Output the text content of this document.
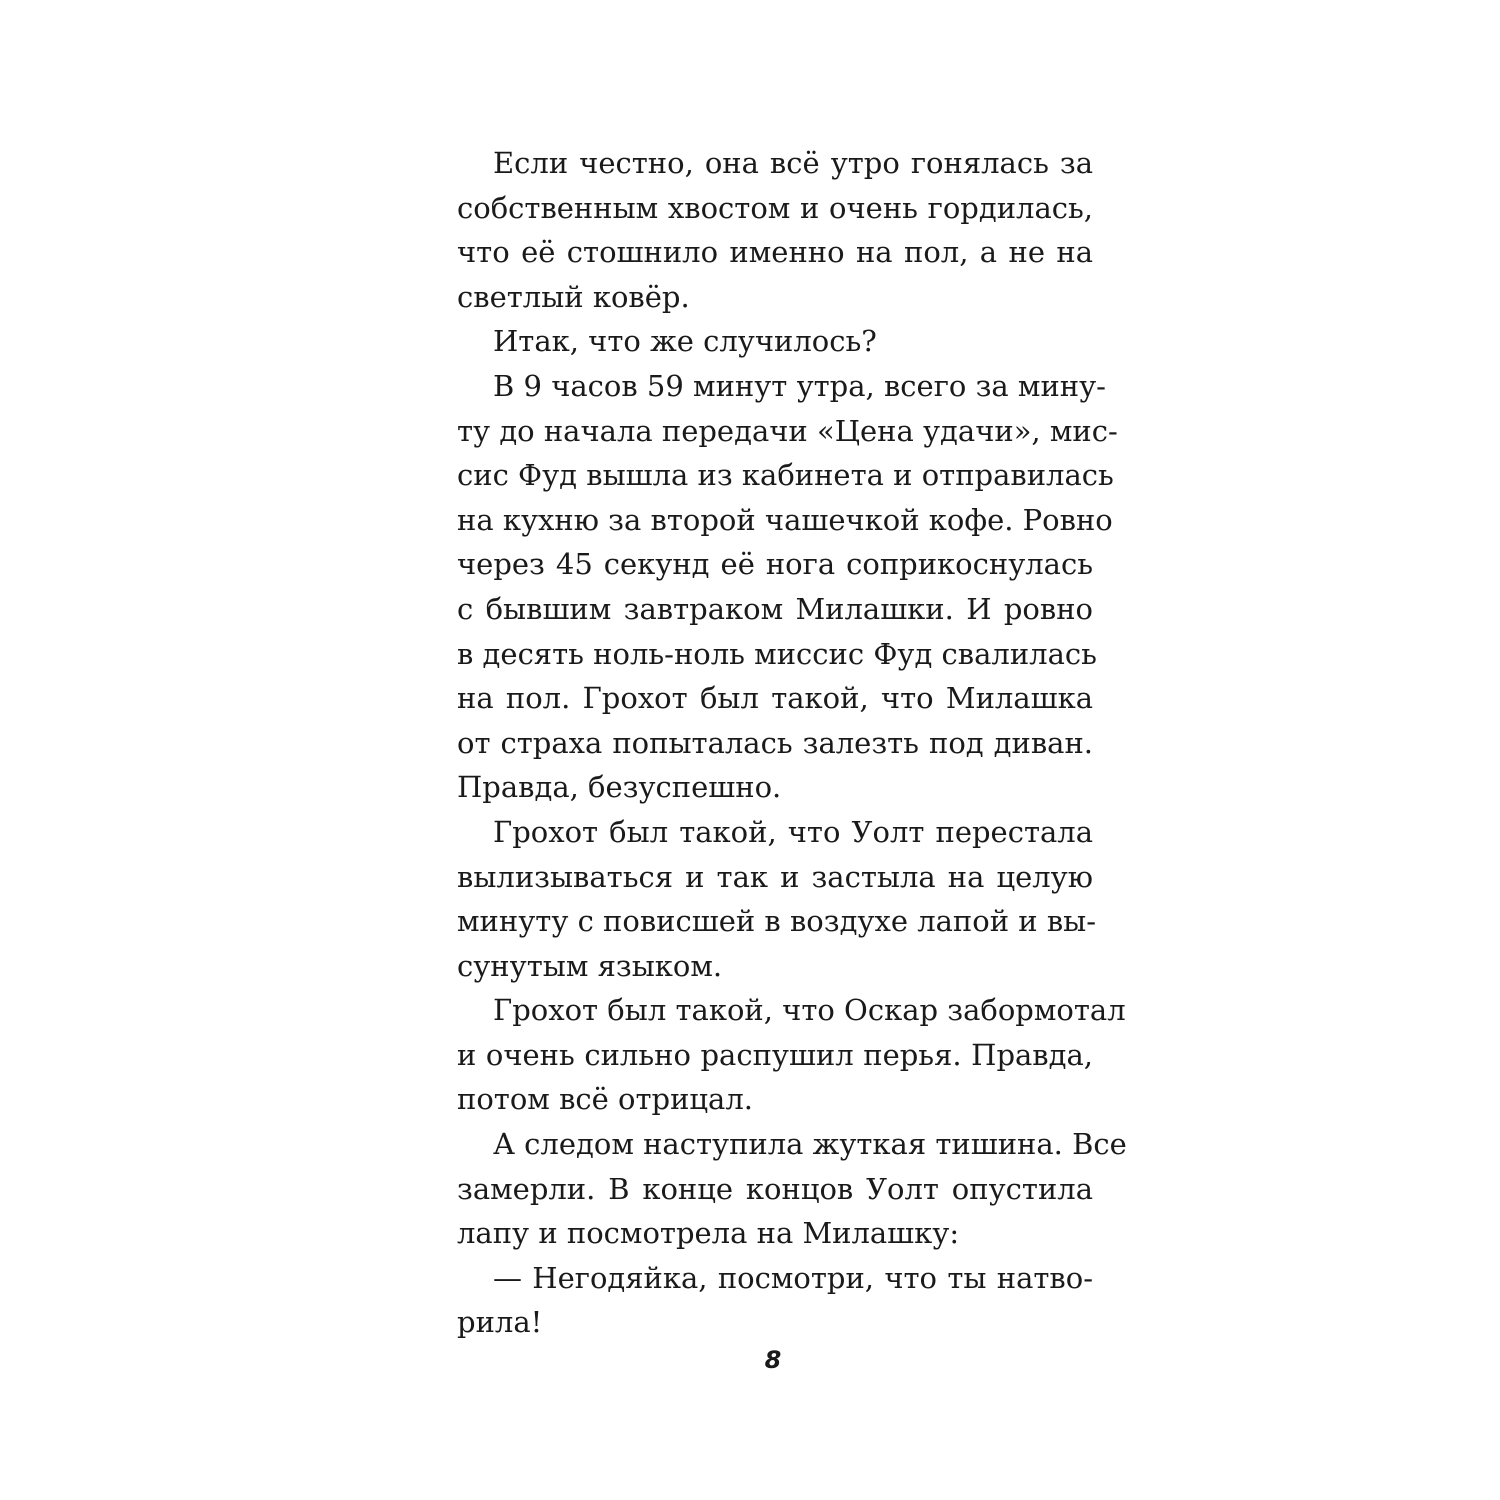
Если честно, она всё утро гонялась за
собственным хвостом и очень гордилась,
что её стошнило именно на пол, а не на
светлый ковёр.
Итак, что же случилось?
В 9 часов 59 минут утра, всего за мину-
ту до начала передачи «Цена удачи», мис-
сис Фуд вышла из кабинета и отправилась
на кухню за второй чашечкой кофе. Ровно
через 45 секунд её нога соприкоснулась
с бывшим завтраком Милашки. И ровно
в десять ноль-ноль миссис Фуд свалилась
на пол. Грохот был такой, что Милашка
от страха попыталась залезть под диван.
Правда, безуспешно.
Грохот был такой, что Уолт перестала
вылизываться и так и застыла на целую
минуту с повисшей в воздухе лапой и вы-
сунутым языком.
Грохот был такой, что Оскар забормотал
и очень сильно распушил перья. Правда,
потом всё отрицал.
А следом наступила жуткая тишина. Все
замерли. В конце концов Уолт опустила
лапу и посмотрела на Милашку:
— Негодяйка, посмотри, что ты натво-
рила!
8
